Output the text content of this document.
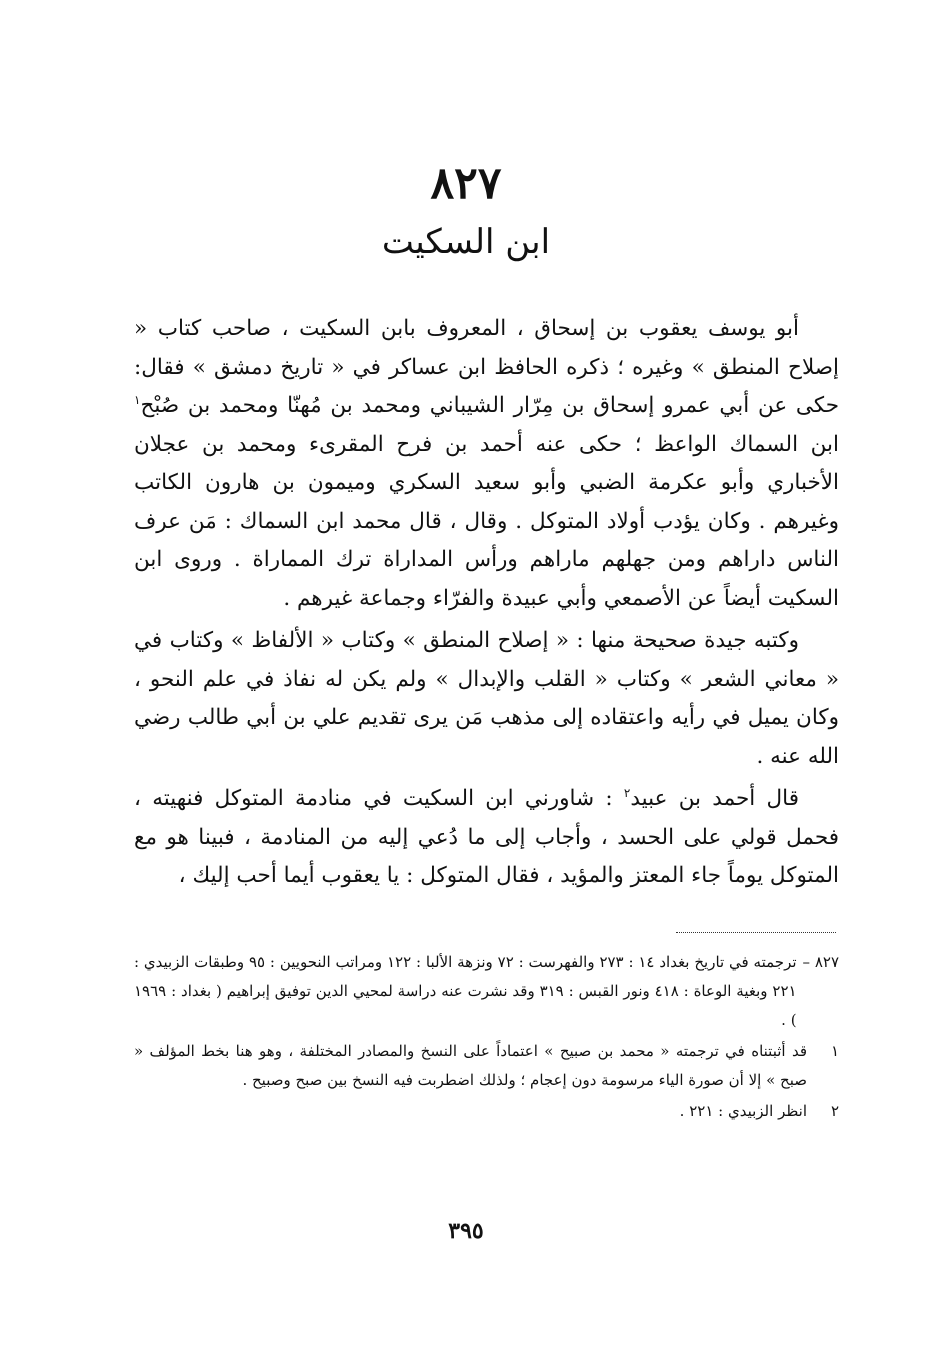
٨٢٧
ابن السكيت

أبو يوسف يعقوب بن إسحاق ، المعروف بابن السكيت ، صاحب كتاب « إصلاح المنطق » وغيره ؛ ذكره الحافظ ابن عساكر في « تاريخ دمشق » فقال: حكى عن أبي عمرو إسحاق بن مِرّار الشيباني ومحمد بن مُهنّا ومحمد بن صُبْح$^١$ ابن السماك الواعظ ؛ حكى عنه أحمد بن فرح المقرىء ومحمد بن عجلان الأخباري وأبو عكرمة الضبي وأبو سعيد السكري وميمون بن هارون الكاتب وغيرهم . وكان يؤدب أولاد المتوكل . وقال ، قال محمد ابن السماك : مَن عرف الناس داراهم ومن جهلهم ماراهم ورأس المداراة ترك المماراة . وروى ابن السكيت أيضاً عن الأصمعي وأبي عبيدة والفرّاء وجماعة غيرهم .

وكتبه جيدة صحيحة منها : « إصلاح المنطق » وكتاب « الألفاظ » وكتاب في « معاني الشعر » وكتاب « القلب والإبدال » ولم يكن له نفاذ في علم النحو ، وكان يميل في رأيه واعتقاده إلى مذهب مَن يرى تقديم علي بن أبي طالب رضي الله عنه .

قال أحمد بن عبيد$^٢$ : شاورني ابن السكيت في منادمة المتوكل فنهيته ، فحمل قولي على الحسد ، وأجاب إلى ما دُعي إليه من المنادمة ، فبينا هو مع المتوكل يوماً جاء المعتز والمؤيد ، فقال المتوكل : يا يعقوب أيما أحب إليك ،

٨٢٧ –
ترجمته في تاريخ بغداد ١٤ : ٢٧٣ والفهرست : ٧٢ ونزهة الألبا : ١٢٢ ومراتب النحويين : ٩٥ وطبقات الزبيدي : ٢٢١ وبغية الوعاة : ٤١٨ ونور القبس : ٣١٩ وقد نشرت عنه دراسة لمحيي الدين توفيق إبراهيم ( بغداد : ١٩٦٩ ) .
١
قد أثبتناه في ترجمته « محمد بن صبيح » اعتماداً على النسخ والمصادر المختلفة ، وهو هنا بخط المؤلف « صبح » إلا أن صورة الياء مرسومة دون إعجام ؛ ولذلك اضطربت فيه النسخ بين صبح وصبيح .
٢
انظر الزبيدي : ٢٢١ .
٣٩٥
